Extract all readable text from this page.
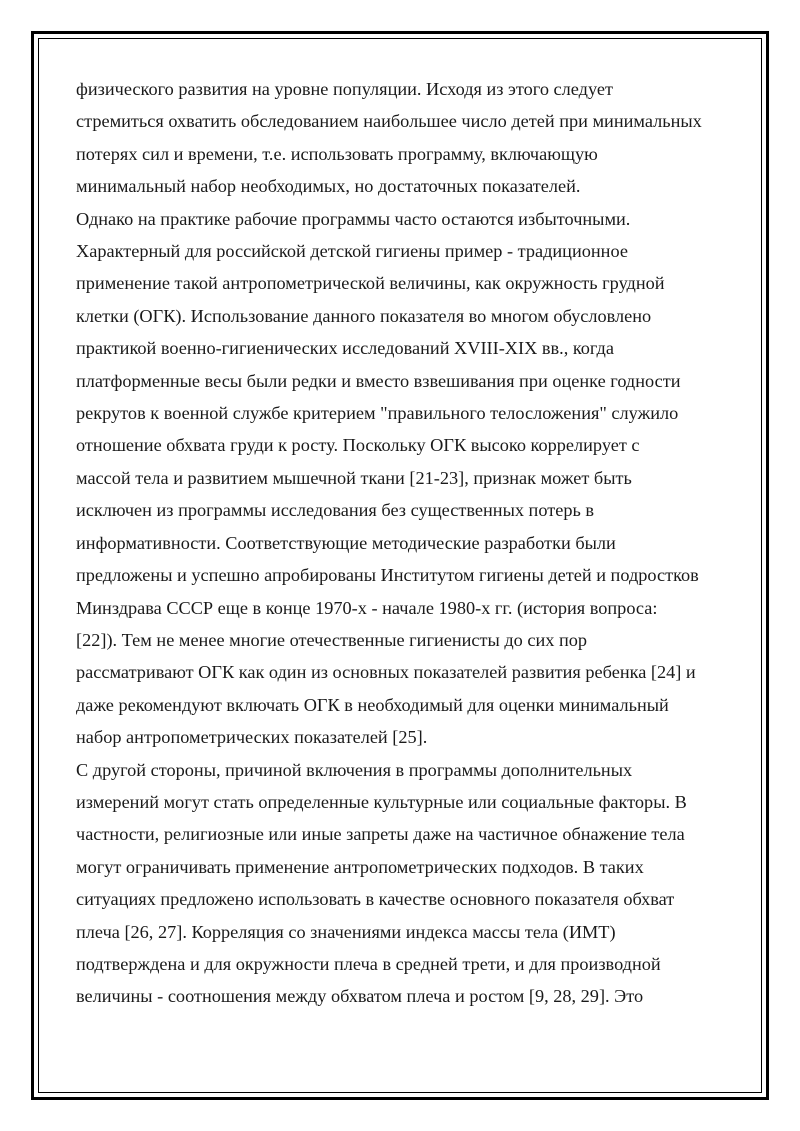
физического развития на уровне популяции. Исходя из этого следует
стремиться охватить обследованием наибольшее число детей при минимальных
потерях сил и времени, т.е. использовать программу, включающую
минимальный набор необходимых, но достаточных показателей.
Однако на практике рабочие программы часто остаются избыточными.
Характерный для российской детской гигиены пример - традиционное
применение такой антропометрической величины, как окружность грудной
клетки (ОГК). Использование данного показателя во многом обусловлено
практикой военно-гигиенических исследований XVIII-XIX вв., когда
платформенные весы были редки и вместо взвешивания при оценке годности
рекрутов к военной службе критерием "правильного телосложения" служило
отношение обхвата груди к росту. Поскольку ОГК высоко коррелирует с
массой тела и развитием мышечной ткани [21-23], признак может быть
исключен из программы исследования без существенных потерь в
информативности. Соответствующие методические разработки были
предложены и успешно апробированы Институтом гигиены детей и подростков
Минздрава СССР еще в конце 1970-х - начале 1980-х гг. (история вопроса:
[22]). Тем не менее многие отечественные гигиенисты до сих пор
рассматривают ОГК как один из основных показателей развития ребенка [24] и
даже рекомендуют включать ОГК в необходимый для оценки минимальный
набор антропометрических показателей [25].
С другой стороны, причиной включения в программы дополнительных
измерений могут стать определенные культурные или социальные факторы. В
частности, религиозные или иные запреты даже на частичное обнажение тела
могут ограничивать применение антропометрических подходов. В таких
ситуациях предложено использовать в качестве основного показателя обхват
плеча [26, 27]. Корреляция со значениями индекса массы тела (ИМТ)
подтверждена и для окружности плеча в средней трети, и для производной
величины - соотношения между обхватом плеча и ростом [9, 28, 29]. Это
